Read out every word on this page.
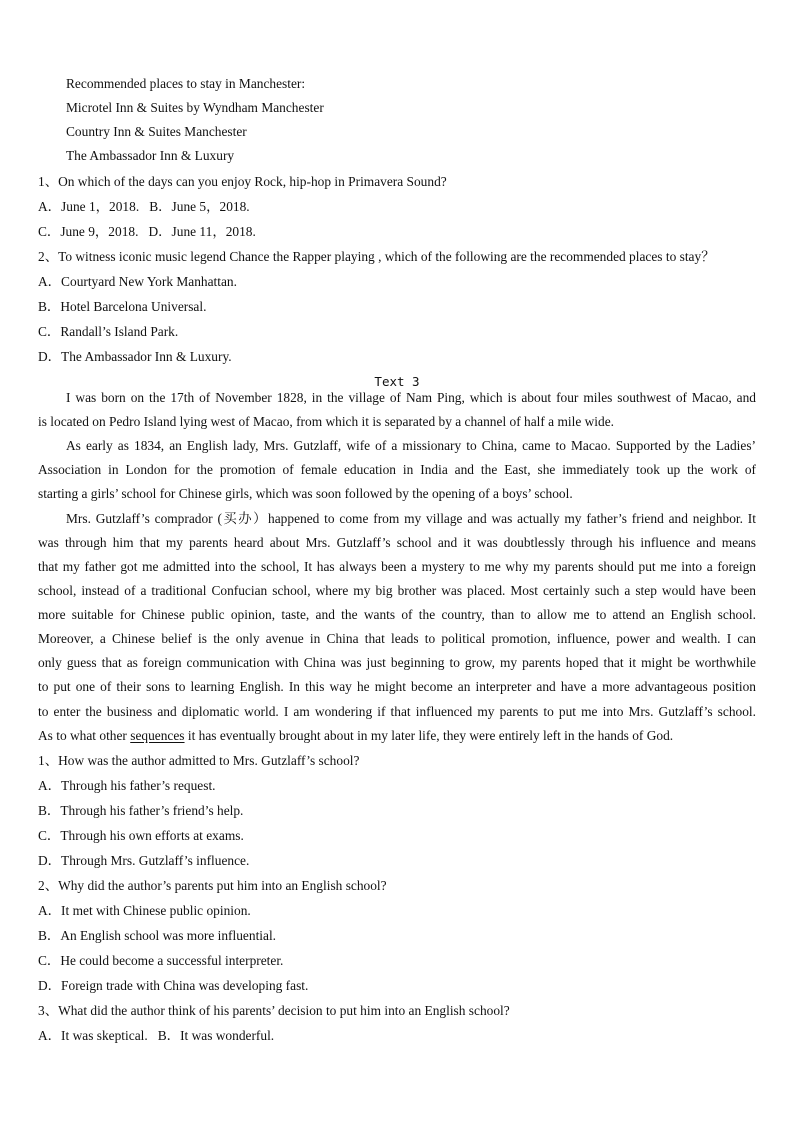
Recommended places to stay in Manchester:
Microtel Inn & Suites by Wyndham Manchester
Country Inn & Suites Manchester
The Ambassador Inn & Luxury
1、On which of the days can you enjoy Rock, hip-hop in Primavera Sound?
A．June 1，2018.   B．June 5，2018.
C．June 9，2018.   D．June 11，2018.
2、To witness iconic music legend Chance the Rapper playing , which of the following are the recommended places to stay？
A．Courtyard New York Manhattan.
B．Hotel Barcelona Universal.
C．Randall’s Island Park.
D．The Ambassador Inn & Luxury.
Text 3
I was born on the 17th of November 1828, in the village of Nam Ping, which is about four miles southwest of Macao, and
is located on Pedro Island lying west of Macao, from which it is separated by a channel of half a mile wide.
As early as 1834, an English lady, Mrs. Gutzlaff, wife of a missionary to China, came to Macao. Supported by the Ladies’
Association in London for the promotion of female education in India and the East, she immediately took up the work of
starting a girls’ school for Chinese girls, which was soon followed by the opening of a boys’ school.
Mrs. Gutzlaff’s comprador (买办）happened to come from my village and was actually my father’s friend and neighbor. It
was through him that my parents heard about Mrs. Gutzlaff’s school and it was doubtlessly through his influence and means
that my father got me admitted into the school, It has always been a mystery to me why my parents should put me into a foreign
school, instead of a traditional Confucian school, where my big brother was placed. Most certainly such a step would have been
more suitable for Chinese public opinion, taste, and the wants of the country, than to allow me to attend an English school.
Moreover, a Chinese belief is the only avenue in China that leads to political promotion, influence, power and wealth. I can
only guess that as foreign communication with China was just beginning to grow, my parents hoped that it might be worthwhile
to put one of their sons to learning English. In this way he might become an interpreter and have a more advantageous position
to enter the business and diplomatic world. I am wondering if that influenced my parents to put me into Mrs. Gutzlaff’s school.
As to what other sequences it has eventually brought about in my later life, they were entirely left in the hands of God.
1、How was the author admitted to Mrs. Gutzlaff’s school?
A．Through his father’s request.
B．Through his father’s friend’s help.
C．Through his own efforts at exams.
D．Through Mrs. Gutzlaff’s influence.
2、Why did the author’s parents put him into an English school?
A．It met with Chinese public opinion.
B．An English school was more influential.
C．He could become a successful interpreter.
D．Foreign trade with China was developing fast.
3、What did the author think of his parents’ decision to put him into an English school?
A．It was skeptical.   B．It was wonderful.
